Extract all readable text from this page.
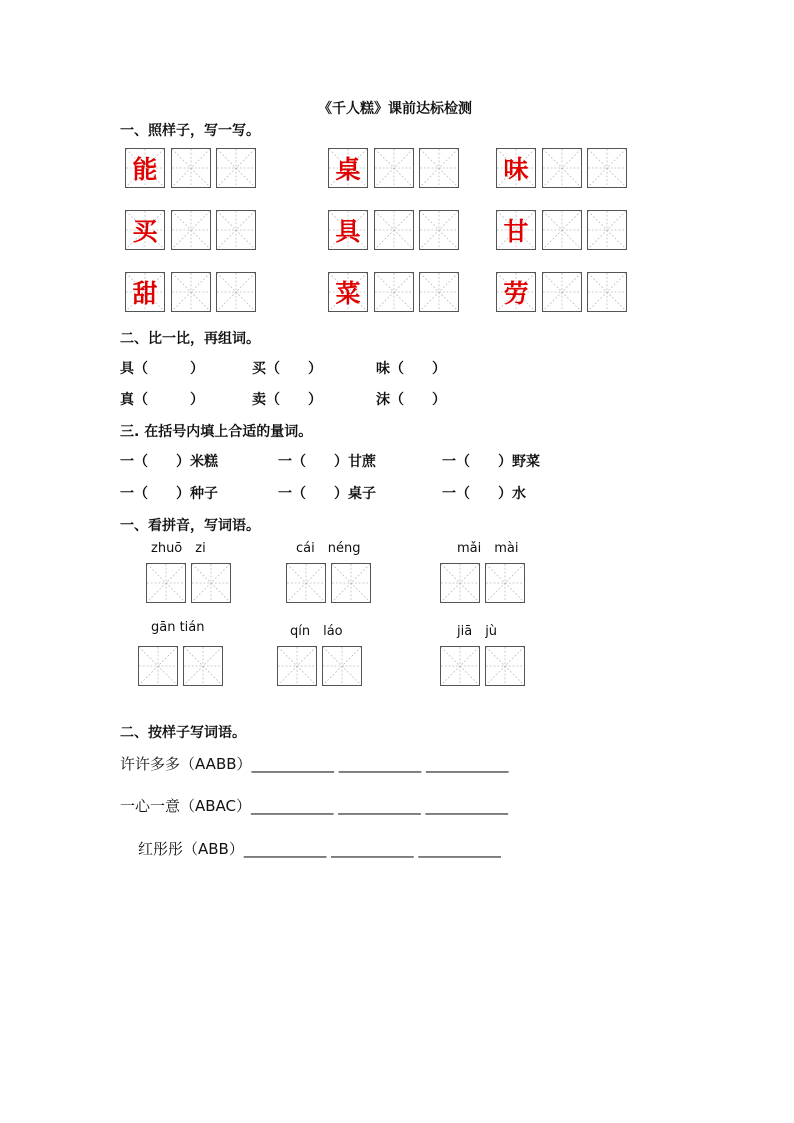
《千人糕》课前达标检测
一、照样子，写一写。
二、比一比，再组词。
具（　　　）	买（　　）	味（　　）
真（　　　）	卖（　　）	沫（　　）
三. 在括号内填上合适的量词。
一（　　）米糕	一（　　）甘蔗	一（　　）野菜
一（　　）种子	一（　　）桌子	一（　　）水
一、看拼音，写词语。
zhuō　zi	cái　néng	mǎi　mài
gān tián	qín　láo	jiā　jù
二、按样子写词语。
许许多多（AABB）___________ ___________ ___________
一心一意（ABAC）___________ ___________ ___________
红彤彤（ABB）___________ ___________ ___________
能	桌	味
买	具	甘
甜	菜	劳
